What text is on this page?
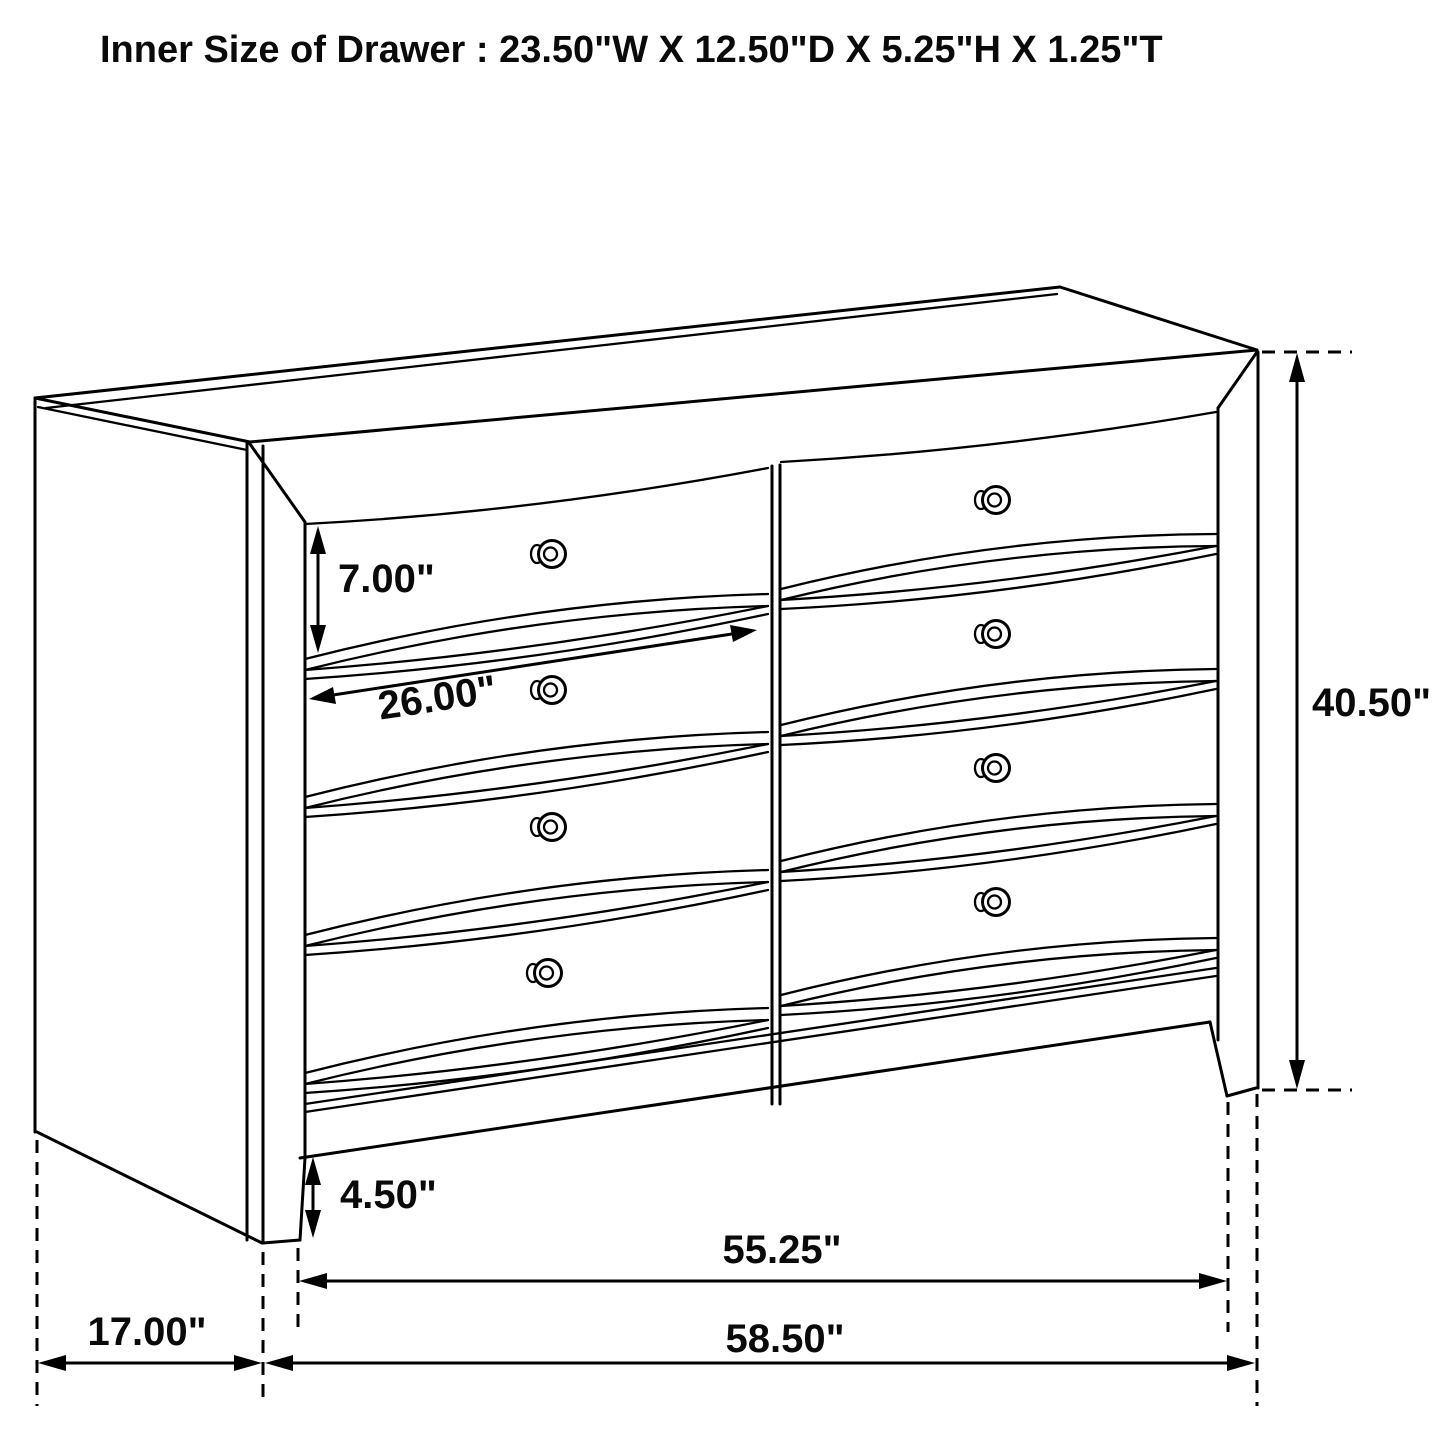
Inner Size of Drawer : 23.50"W X 12.50"D X 5.25"H X 1.25"T
7.00"
26.00"	40.50"
4.50"
55.25"
17.00"	58.50"
